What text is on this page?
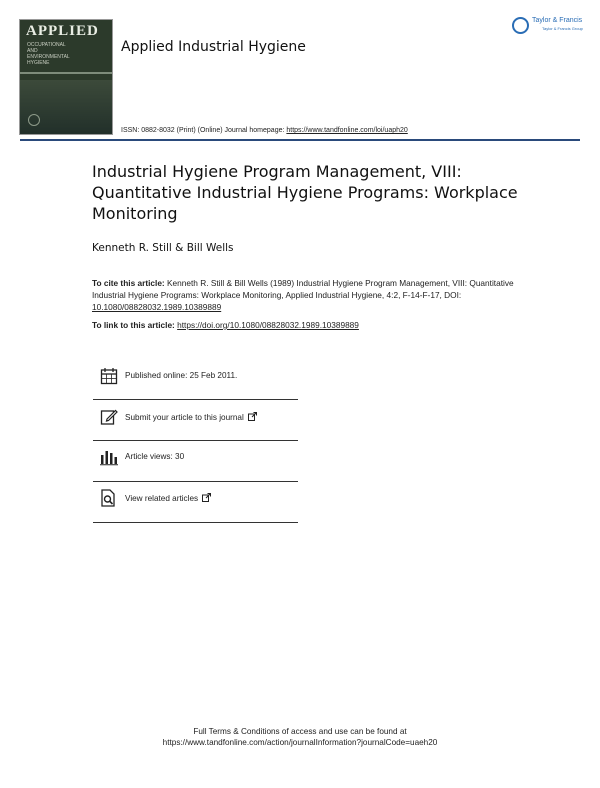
APPLIED
OCCUPATIONAL
AND
ENVIRONMENTAL
HYGIENE
Applied Industrial Hygiene
Taylor & Francis
Taylor & Francis Group
ISSN: 0882-8032 (Print) (Online) Journal homepage: https://www.tandfonline.com/loi/uaph20
Industrial Hygiene Program Management, VIII: Quantitative Industrial Hygiene Programs: Workplace Monitoring
Kenneth R. Still & Bill Wells
To cite this article: Kenneth R. Still & Bill Wells (1989) Industrial Hygiene Program Management, VIII: Quantitative Industrial Hygiene Programs: Workplace Monitoring, Applied Industrial Hygiene, 4:2, F-14-F-17, DOI: 10.1080/08828032.1989.10389889
To link to this article: https://doi.org/10.1080/08828032.1989.10389889
Published online: 25 Feb 2011.
Submit your article to this journal
Article views: 30
View related articles
Full Terms & Conditions of access and use can be found at
https://www.tandfonline.com/action/journalInformation?journalCode=uaeh20
